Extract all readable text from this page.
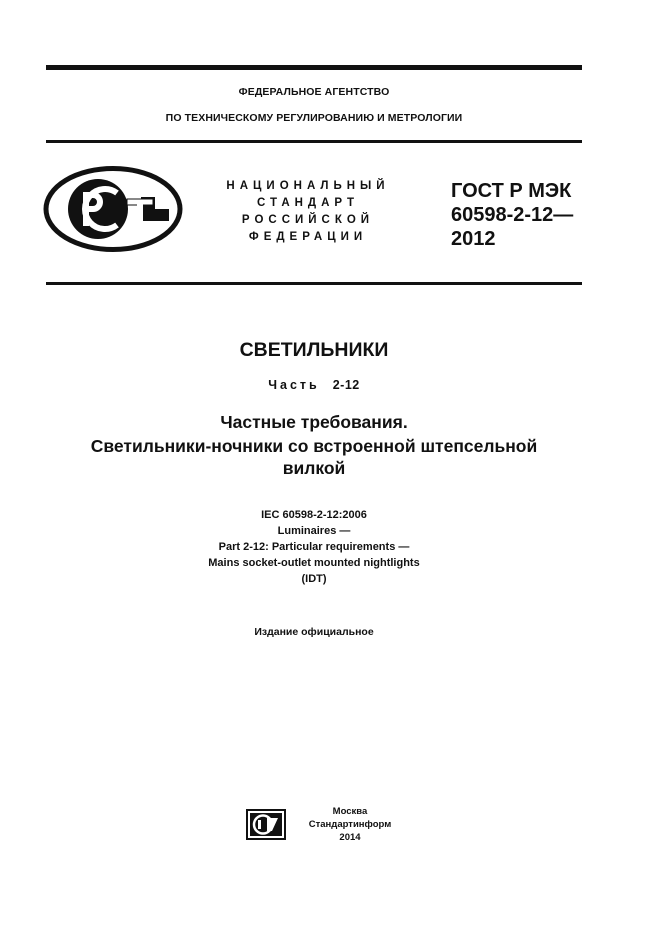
ФЕДЕРАЛЬНОЕ АГЕНТСТВО
ПО ТЕХНИЧЕСКОМУ РЕГУЛИРОВАНИЮ И МЕТРОЛОГИИ
НАЦИОНАЛЬНЫЙ
СТАНДАРТ
РОССИЙСКОЙ
ФЕДЕРАЦИИ
ГОСТ Р МЭК
60598-2-12—
2012
СВЕТИЛЬНИКИ
Часть 2-12
Частные требования.
Светильники-ночники со встроенной штепсельной
вилкой
IEC 60598-2-12:2006
Luminaires —
Part 2-12: Particular requirements —
Mains socket-outlet mounted nightlights
(IDT)
Издание официальное
Москва
Стандартинформ
2014
